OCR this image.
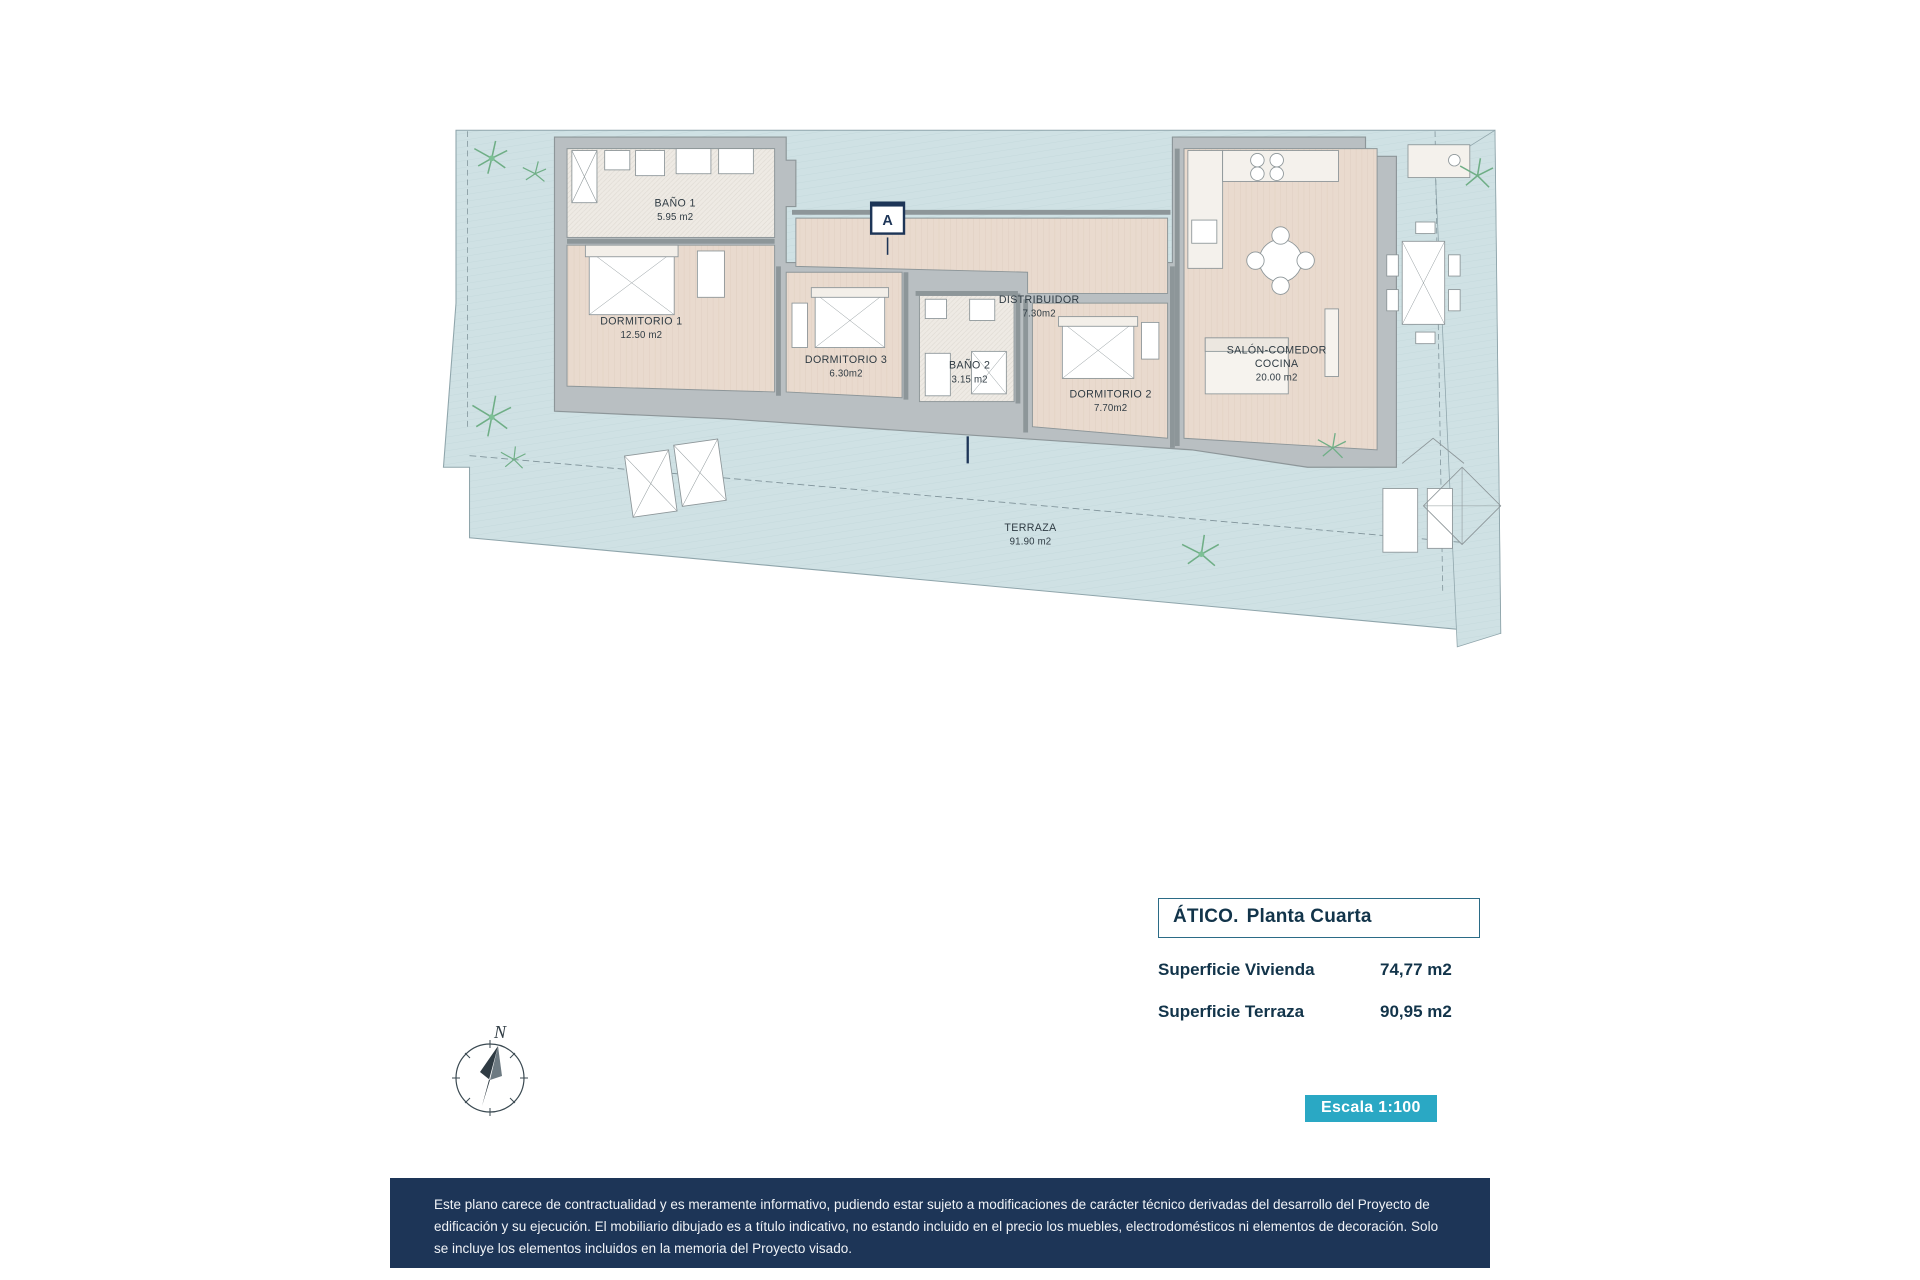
BAÑO 1
5.95 m2
DORMITORIO 1
12.50 m2
DORMITORIO 3
6.30m2
BAÑO 2
3.15 m2
DORMITORIO 2
7.70m2
DISTRIBUIDOR
7.30m2
SALÓN-COMEDOR
COCINA
20.00 m2
TERRAZA
91.90 m2
A
ÁTICO. Planta Cuarta
Superficie Vivienda	74,77 m2
Superficie Terraza	90,95 m2
Escala 1:100
N

Este plano carece de contractualidad y es meramente informativo, pudiendo estar sujeto a modificaciones de carácter técnico derivadas del desarrollo del Proyecto de edificación y su ejecución. El mobiliario dibujado es a título indicativo, no estando incluido en el precio los muebles, electrodomésticos ni elementos de decoración. Solo se incluye los elementos incluidos en la memoria del Proyecto visado.
